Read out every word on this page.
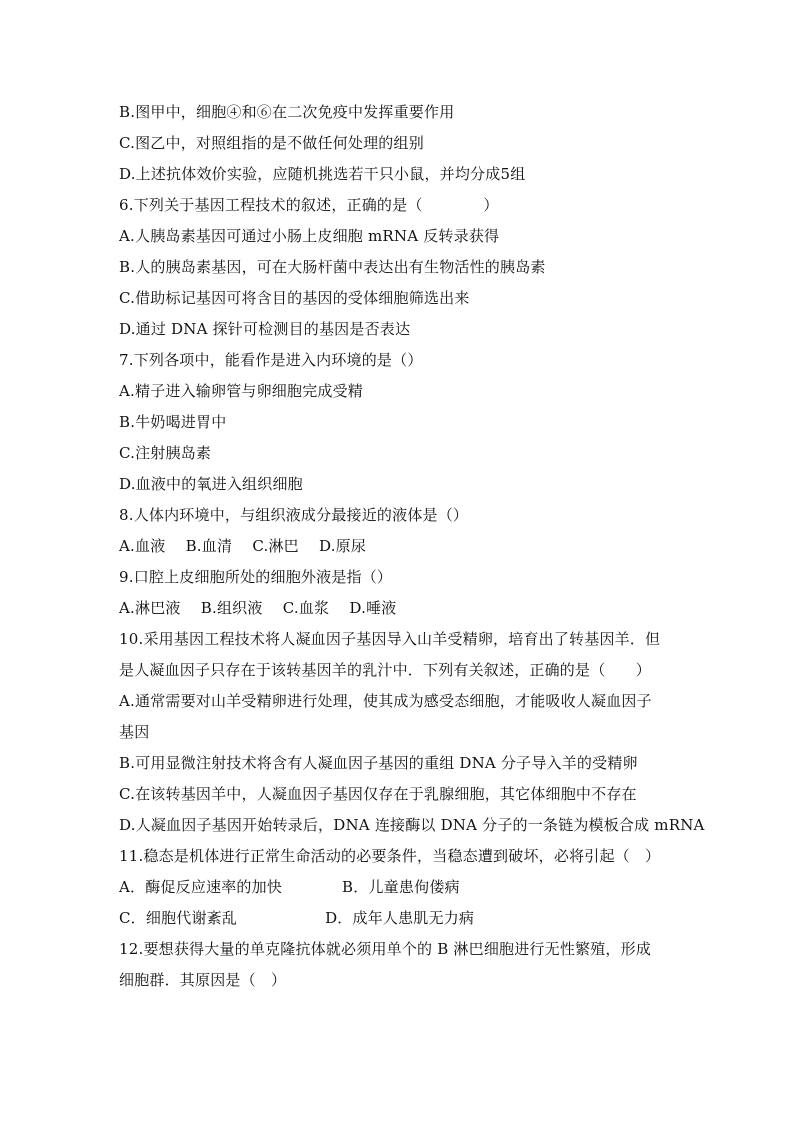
B.图甲中，细胞④和⑥在二次免疫中发挥重要作用
C.图乙中，对照组指的是不做任何处理的组别
D.上述抗体效价实验，应随机挑选若干只小鼠，并均分成5组
6.下列关于基因工程技术的叙述，正确的是（　　　　）
A.人胰岛素基因可通过小肠上皮细胞 mRNA 反转录获得
B.人的胰岛素基因，可在大肠杆菌中表达出有生物活性的胰岛素
C.借助标记基因可将含目的基因的受体细胞筛选出来
D.通过 DNA 探针可检测目的基因是否表达
7.下列各项中，能看作是进入内环境的是（）
A.精子进入输卵管与卵细胞完成受精
B.牛奶喝进胃中
C.注射胰岛素
D.血液中的氧进入组织细胞
8.人体内环境中，与组织液成分最接近的液体是（）
A.血液　 B.血清　 C.淋巴　 D.原尿
9.口腔上皮细胞所处的细胞外液是指（）
A.淋巴液　 B.组织液　 C.血浆　 D.唾液
10.采用基因工程技术将人凝血因子基因导入山羊受精卵，培育出了转基因羊．但
是人凝血因子只存在于该转基因羊的乳汁中．下列有关叙述，正确的是（　　）
A.通常需要对山羊受精卵进行处理，使其成为感受态细胞，才能吸收人凝血因子
基因
B.可用显微注射技术将含有人凝血因子基因的重组 DNA 分子导入羊的受精卵
C.在该转基因羊中，人凝血因子基因仅存在于乳腺细胞，其它体细胞中不存在
D.人凝血因子基因开始转录后，DNA 连接酶以 DNA 分子的一条链为模板合成 mRNA
11.稳态是机体进行正常生命活动的必要条件，当稳态遭到破坏，必将引起（　）
A．酶促反应速率的加快	B．儿童患佝偻病
C．细胞代谢紊乱	D．成年人患肌无力病
12.要想获得大量的单克隆抗体就必须用单个的 B 淋巴细胞进行无性繁殖，形成
细胞群．其原因是（　）
